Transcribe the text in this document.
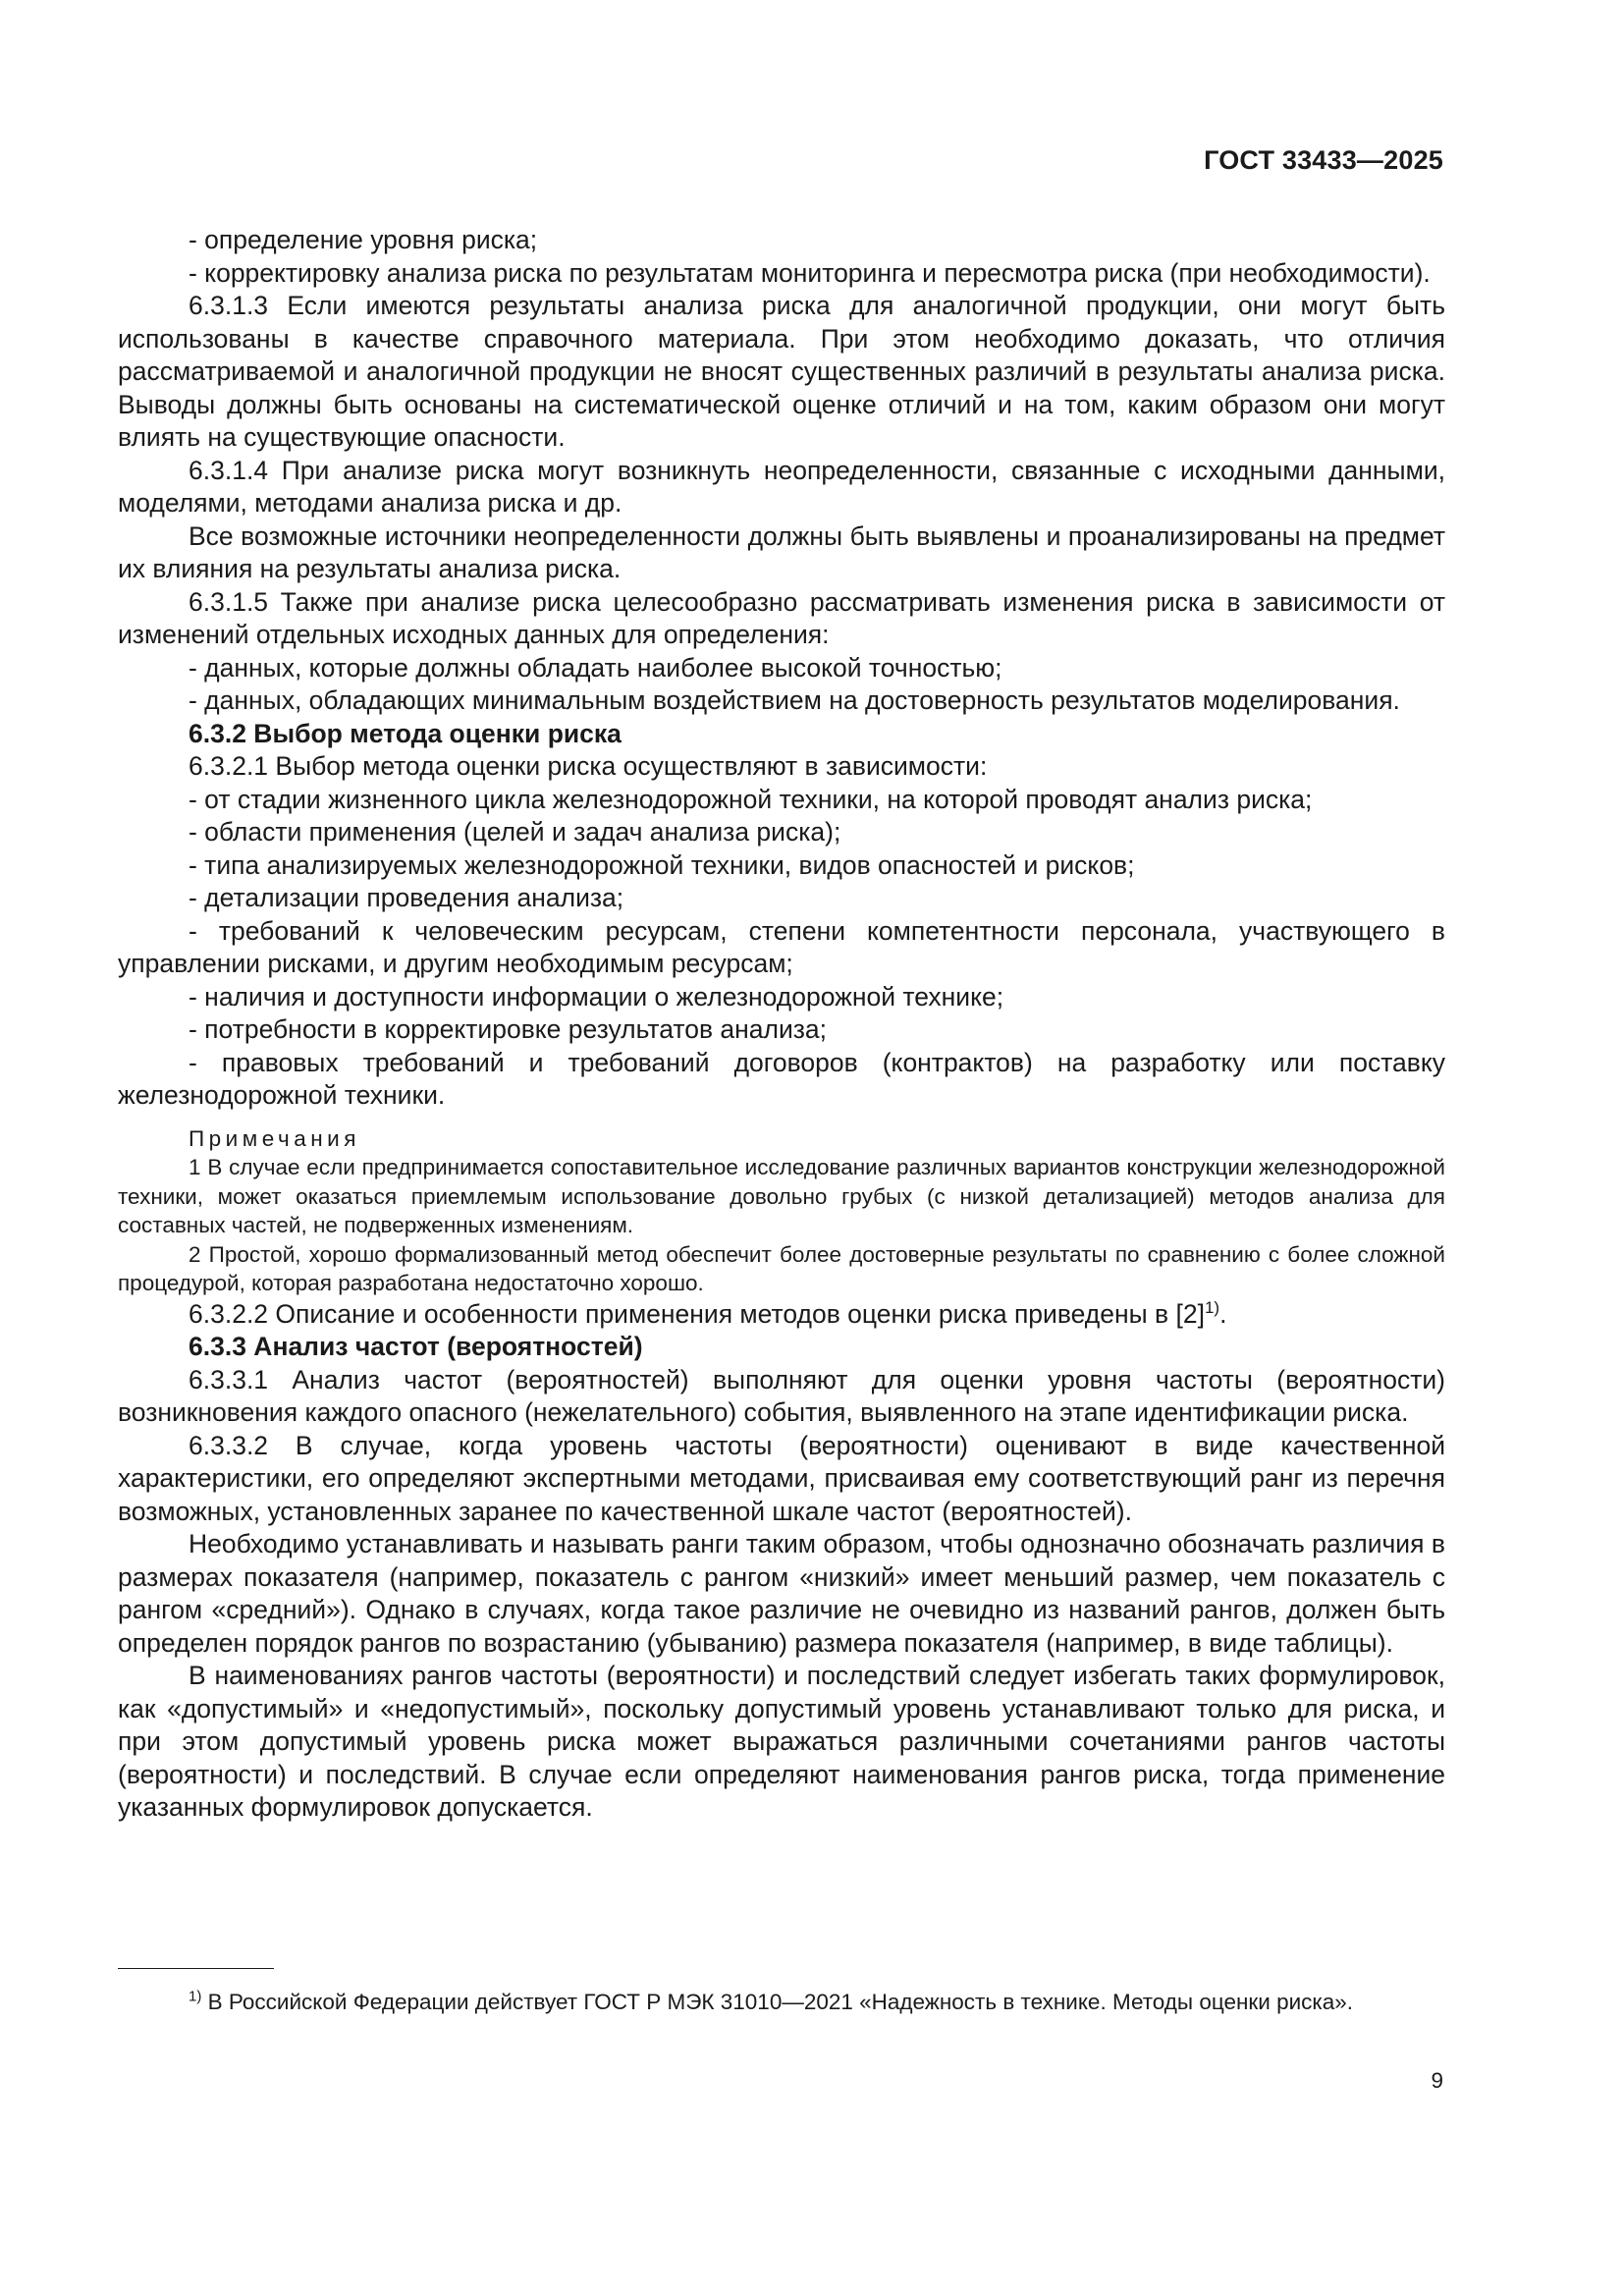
ГОСТ 33433—2025

- определение уровня риска;

- корректировку анализа риска по результатам мониторинга и пересмотра риска (при необходимости).

6.3.1.3 Если имеются результаты анализа риска для аналогичной продукции, они могут быть использованы в качестве справочного материала. При этом необходимо доказать, что отличия рассматриваемой и аналогичной продукции не вносят существенных различий в результаты анализа риска. Выводы должны быть основаны на систематической оценке отличий и на том, каким образом они могут влиять на существующие опасности.

6.3.1.4 При анализе риска могут возникнуть неопределенности, связанные с исходными данными, моделями, методами анализа риска и др.

Все возможные источники неопределенности должны быть выявлены и проанализированы на предмет их влияния на результаты анализа риска.

6.3.1.5 Также при анализе риска целесообразно рассматривать изменения риска в зависимости от изменений отдельных исходных данных для определения:

- данных, которые должны обладать наиболее высокой точностью;

- данных, обладающих минимальным воздействием на достоверность результатов моделирования.

6.3.2 Выбор метода оценки риска

6.3.2.1 Выбор метода оценки риска осуществляют в зависимости:

- от стадии жизненного цикла железнодорожной техники, на которой проводят анализ риска;

- области применения (целей и задач анализа риска);

- типа анализируемых железнодорожной техники, видов опасностей и рисков;

- детализации проведения анализа;

- требований к человеческим ресурсам, степени компетентности персонала, участвующего в управлении рисками, и другим необходимым ресурсам;

- наличия и доступности информации о железнодорожной технике;

- потребности в корректировке результатов анализа;

- правовых требований и требований договоров (контрактов) на разработку или поставку железнодорожной техники.

Примечания

1 В случае если предпринимается сопоставительное исследование различных вариантов конструкции железнодорожной техники, может оказаться приемлемым использование довольно грубых (с низкой детализацией) методов анализа для составных частей, не подверженных изменениям.

2 Простой, хорошо формализованный метод обеспечит более достоверные результаты по сравнению с более сложной процедурой, которая разработана недостаточно хорошо.

6.3.2.2 Описание и особенности применения методов оценки риска приведены в $[2]^{1)}$.

6.3.3 Анализ частот (вероятностей)

6.3.3.1 Анализ частот (вероятностей) выполняют для оценки уровня частоты (вероятности) возникновения каждого опасного (нежелательного) события, выявленного на этапе идентификации риска.

6.3.3.2 В случае, когда уровень частоты (вероятности) оценивают в виде качественной характеристики, его определяют экспертными методами, присваивая ему соответствующий ранг из перечня возможных, установленных заранее по качественной шкале частот (вероятностей).

Необходимо устанавливать и называть ранги таким образом, чтобы однозначно обозначать различия в размерах показателя (например, показатель с рангом «низкий» имеет меньший размер, чем показатель с рангом «средний»). Однако в случаях, когда такое различие не очевидно из названий рангов, должен быть определен порядок рангов по возрастанию (убыванию) размера показателя (например, в виде таблицы).

В наименованиях рангов частоты (вероятности) и последствий следует избегать таких формулировок, как «допустимый» и «недопустимый», поскольку допустимый уровень устанавливают только для риска, и при этом допустимый уровень риска может выражаться различными сочетаниями рангов частоты (вероятности) и последствий. В случае если определяют наименования рангов риска, тогда применение указанных формулировок допускается.

$^{1)}$ В Российской Федерации действует ГОСТ Р МЭК 31010—2021 «Надежность в технике. Методы оценки риска».
9
